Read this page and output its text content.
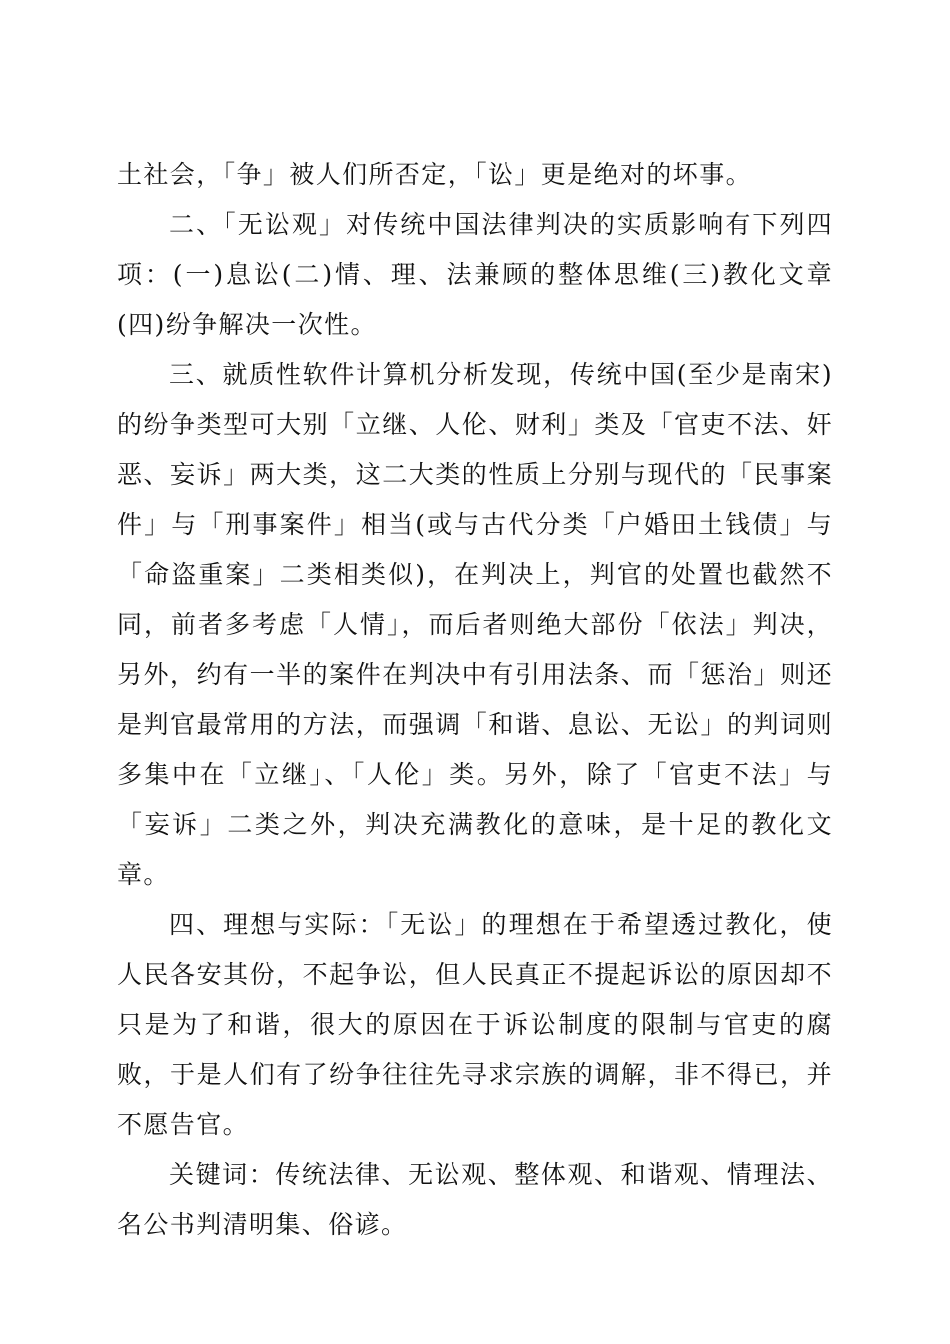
土社会，「争」被人们所否定，「讼」更是绝对的坏事。

二、「无讼观」对传统中国法律判决的实质影响有下列四项：(一)息讼(二)情、理、法兼顾的整体思维(三)教化文章(四)纷争解决一次性。

三、就质性软件计算机分析发现，传统中国(至少是南宋)的纷争类型可大别「立继、人伦、财利」类及「官吏不法、奸恶、妄诉」两大类，这二大类的性质上分别与现代的「民事案件」与「刑事案件」相当(或与古代分类「户婚田土钱债」与「命盗重案」二类相类似)，在判决上，判官的处置也截然不同，前者多考虑「人情」，而后者则绝大部份「依法」判决，另外，约有一半的案件在判决中有引用法条、而「惩治」则还是判官最常用的方法，而强调「和谐、息讼、无讼」的判词则多集中在「立继」、「人伦」类。另外，除了「官吏不法」与「妄诉」二类之外，判决充满教化的意味，是十足的教化文章。

四、理想与实际：「无讼」的理想在于希望透过教化，使人民各安其份，不起争讼，但人民真正不提起诉讼的原因却不只是为了和谐，很大的原因在于诉讼制度的限制与官吏的腐败，于是人们有了纷争往往先寻求宗族的调解，非不得已，并不愿告官。

关键词：传统法律、无讼观、整体观、和谐观、情理法、名公书判清明集、俗谚。
